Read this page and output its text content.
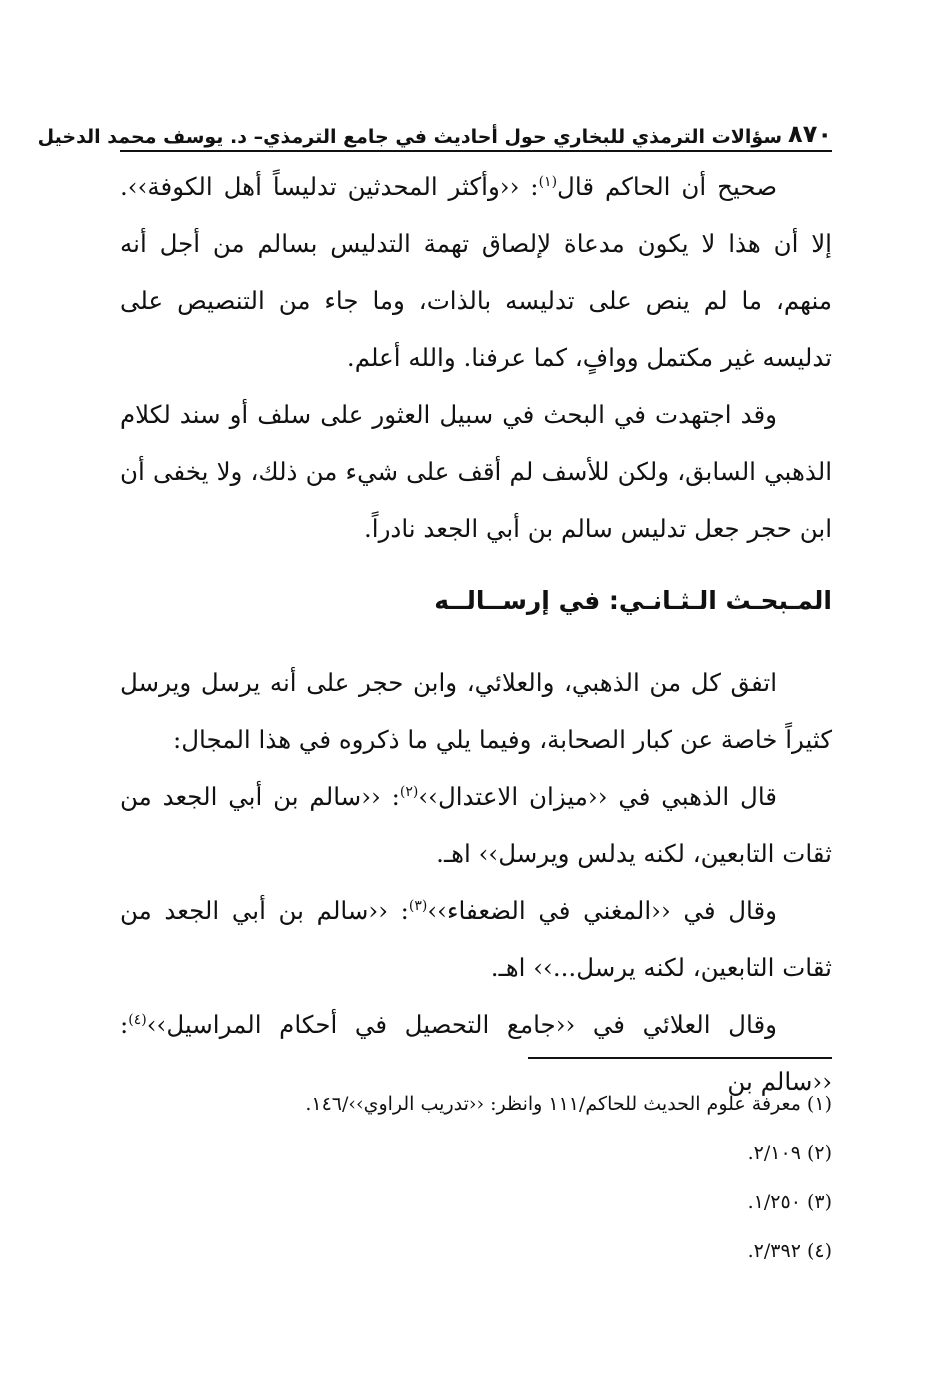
٨٧٠
سؤالات الترمذي للبخاري حول أحاديث في جامع الترمذي– د. يوسف محمد الدخيل

صحيح أن الحاكم قال$^{(١)}$: ‹‹وأكثر المحدثين تدليساً أهل الكوفة››. إلا أن هذا لا يكون مدعاة لإلصاق تهمة التدليس بسالم من أجل أنه منهم، ما لم ينص على تدليسه بالذات، وما جاء من التنصيص على تدليسه غير مكتمل ووافٍ، كما عرفنا. والله أعلم.

وقد اجتهدت في البحث في سبيل العثور على سلف أو سند لكلام الذهبي السابق، ولكن للأسف لم أقف على شيء من ذلك، ولا يخفى أن ابن حجر جعل تدليس سالم بن أبي الجعد نادراً.

المـبحـث الـثـانـي: في إرســالــه

اتفق كل من الذهبي، والعلائي، وابن حجر على أنه يرسل ويرسل كثيراً خاصة عن كبار الصحابة، وفيما يلي ما ذكروه في هذا المجال:

قال الذهبي في ‹‹ميزان الاعتدال››$^{(٢)}$: ‹‹سالم بن أبي الجعد من ثقات التابعين، لكنه يدلس ويرسل›› اهـ.

وقال في ‹‹المغني في الضعفاء››$^{(٣)}$: ‹‹سالم بن أبي الجعد من ثقات التابعين، لكنه يرسل...›› اهـ.

وقال العلائي في ‹‹جامع التحصيل في أحكام المراسيل››$^{(٤)}$: ‹‹سالم بن

(١) معرفة علوم الحديث للحاكم/١١١ وانظر: ‹‹تدريب الراوي››/١٤٦.
(٢) ٢/١٠٩.
(٣) ١/٢٥٠.
(٤) ٢/٣٩٢.
